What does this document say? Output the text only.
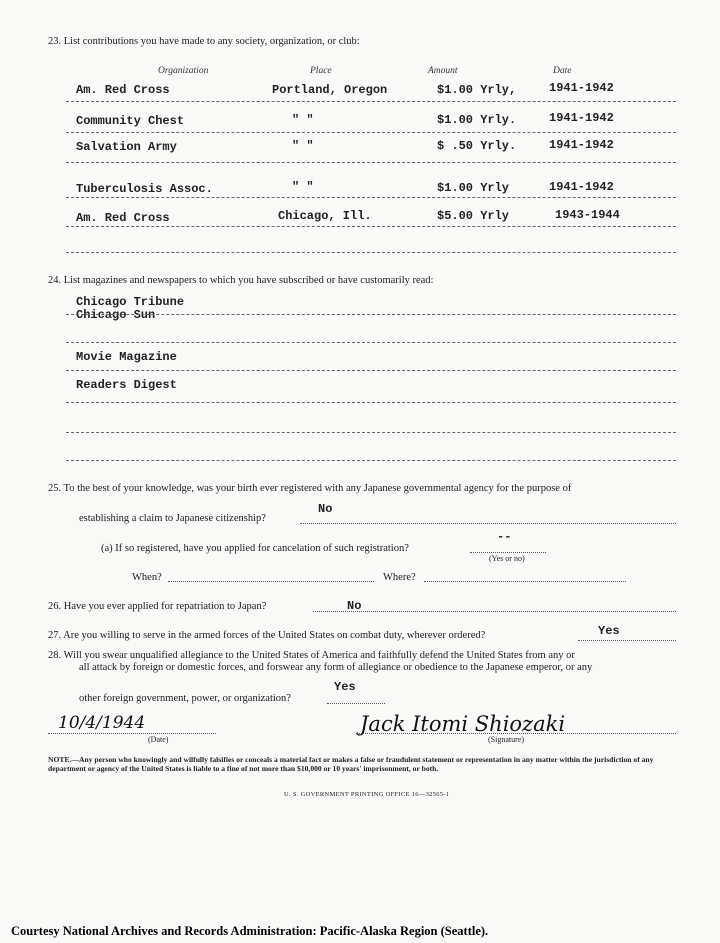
23. List contributions you have made to any society, organization, or club:
Organization	Place	Amount	Date
Am. Red Cross	Portland, Oregon	$1.00 Yrly,	1941-1942
Community Chest	" "	$1.00 Yrly.	1941-1942
Salvation Army	" "	$ .50 Yrly.	1941-1942
Tuberculosis Assoc.	" "	$1.00 Yrly	1941-1942
Am. Red Cross	Chicago, Ill.	$5.00 Yrly	1943-1944
24. List magazines and newspapers to which you have subscribed or have customarily read:
Chicago Tribune
Chicago Sun
Movie Magazine
Readers Digest
25. To the best of your knowledge, was your birth ever registered with any Japanese governmental agency for the purpose of
establishing a claim to Japanese citizenship?
No
(a) If so registered, have you applied for cancelation of such registration?
--
(Yes or no)
When?	Where?
26. Have you ever applied for repatriation to Japan?	No
27. Are you willing to serve in the armed forces of the United States on combat duty, wherever ordered?	Yes
28. Will you swear unqualified allegiance to the United States of America and faithfully defend the United States from any or
all attack by foreign or domestic forces, and forswear any form of allegiance or obedience to the Japanese emperor, or any
other foreign government, power, or organization?
Yes
10/4/1944
(Date)
Jack Itomi Shiozaki
(Signature)
NOTE.—Any person who knowingly and wilfully falsifies or conceals a material fact or makes a false or fraudulent statement or representation in any matter within the jurisdiction of any department or agency of the United States is liable to a fine of not more than $10,000 or 10 years' imprisonment, or both.
U. S. GOVERNMENT PRINTING OFFICE 16—32565-1
Courtesy National Archives and Records Administration: Pacific-Alaska Region (Seattle).
